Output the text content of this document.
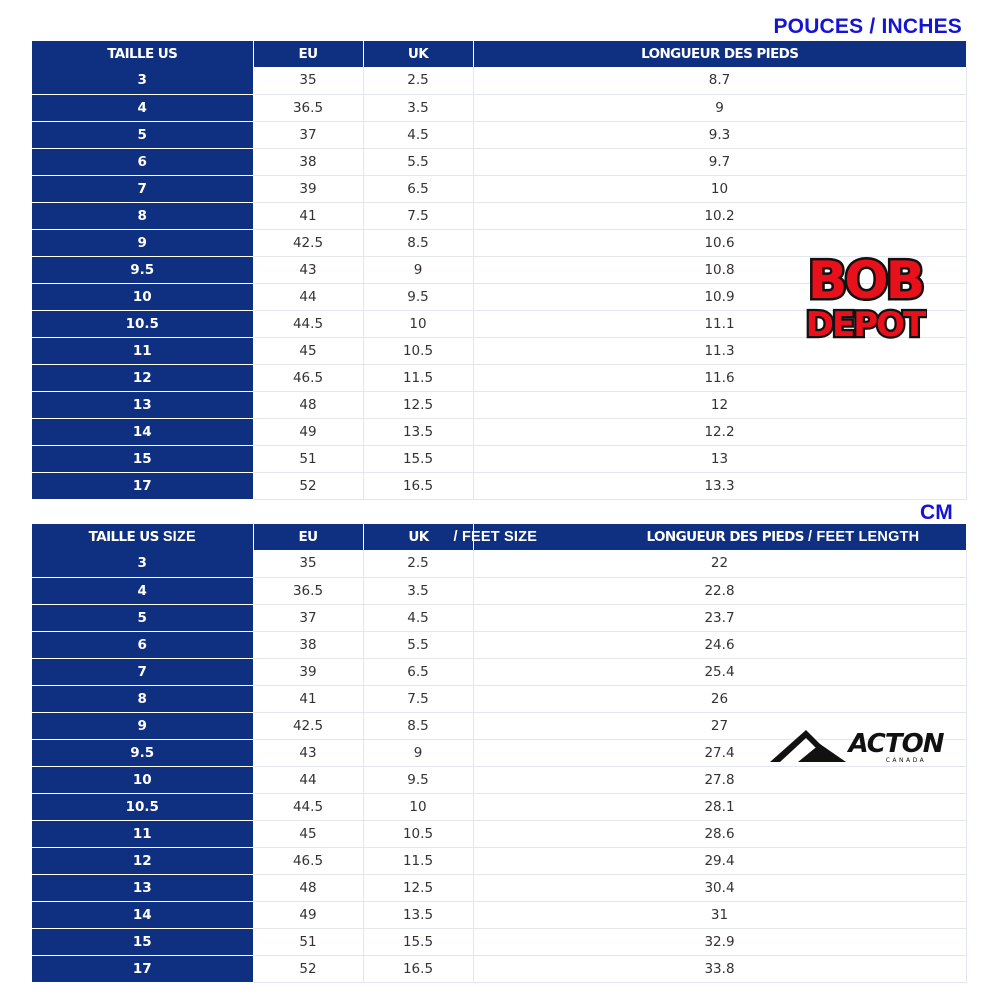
POUCES / INCHES
TAILLE US	EU	UK	LONGUEUR DES PIEDS
3	35	2.5	8.7
4	36.5	3.5	9
5	37	4.5	9.3
6	38	5.5	9.7
7	39	6.5	10
8	41	7.5	10.2
9	42.5	8.5	10.6
9.5	43	9	10.8
10	44	9.5	10.9
10.5	44.5	10	11.1
11	45	10.5	11.3
12	46.5	11.5	11.6
13	48	12.5	12
14	49	13.5	12.2
15	51	15.5	13
17	52	16.5	13.3
CM
TAILLE US SIZE	EU	UK	/ FEET SIZE LONGUEUR DES PIEDS / FEET LENGTH

3	35	2.5	22
4	36.5	3.5	22.8
5	37	4.5	23.7
6	38	5.5	24.6
7	39	6.5	25.4
8	41	7.5	26
9	42.5	8.5	27
9.5	43	9	27.4
10	44	9.5	27.8
10.5	44.5	10	28.1
11	45	10.5	28.6
12	46.5	11.5	29.4
13	48	12.5	30.4
14	49	13.5	31
15	51	15.5	32.9
17	52	16.5	33.8
BOB
DEPOT
ACTON
CANADA
